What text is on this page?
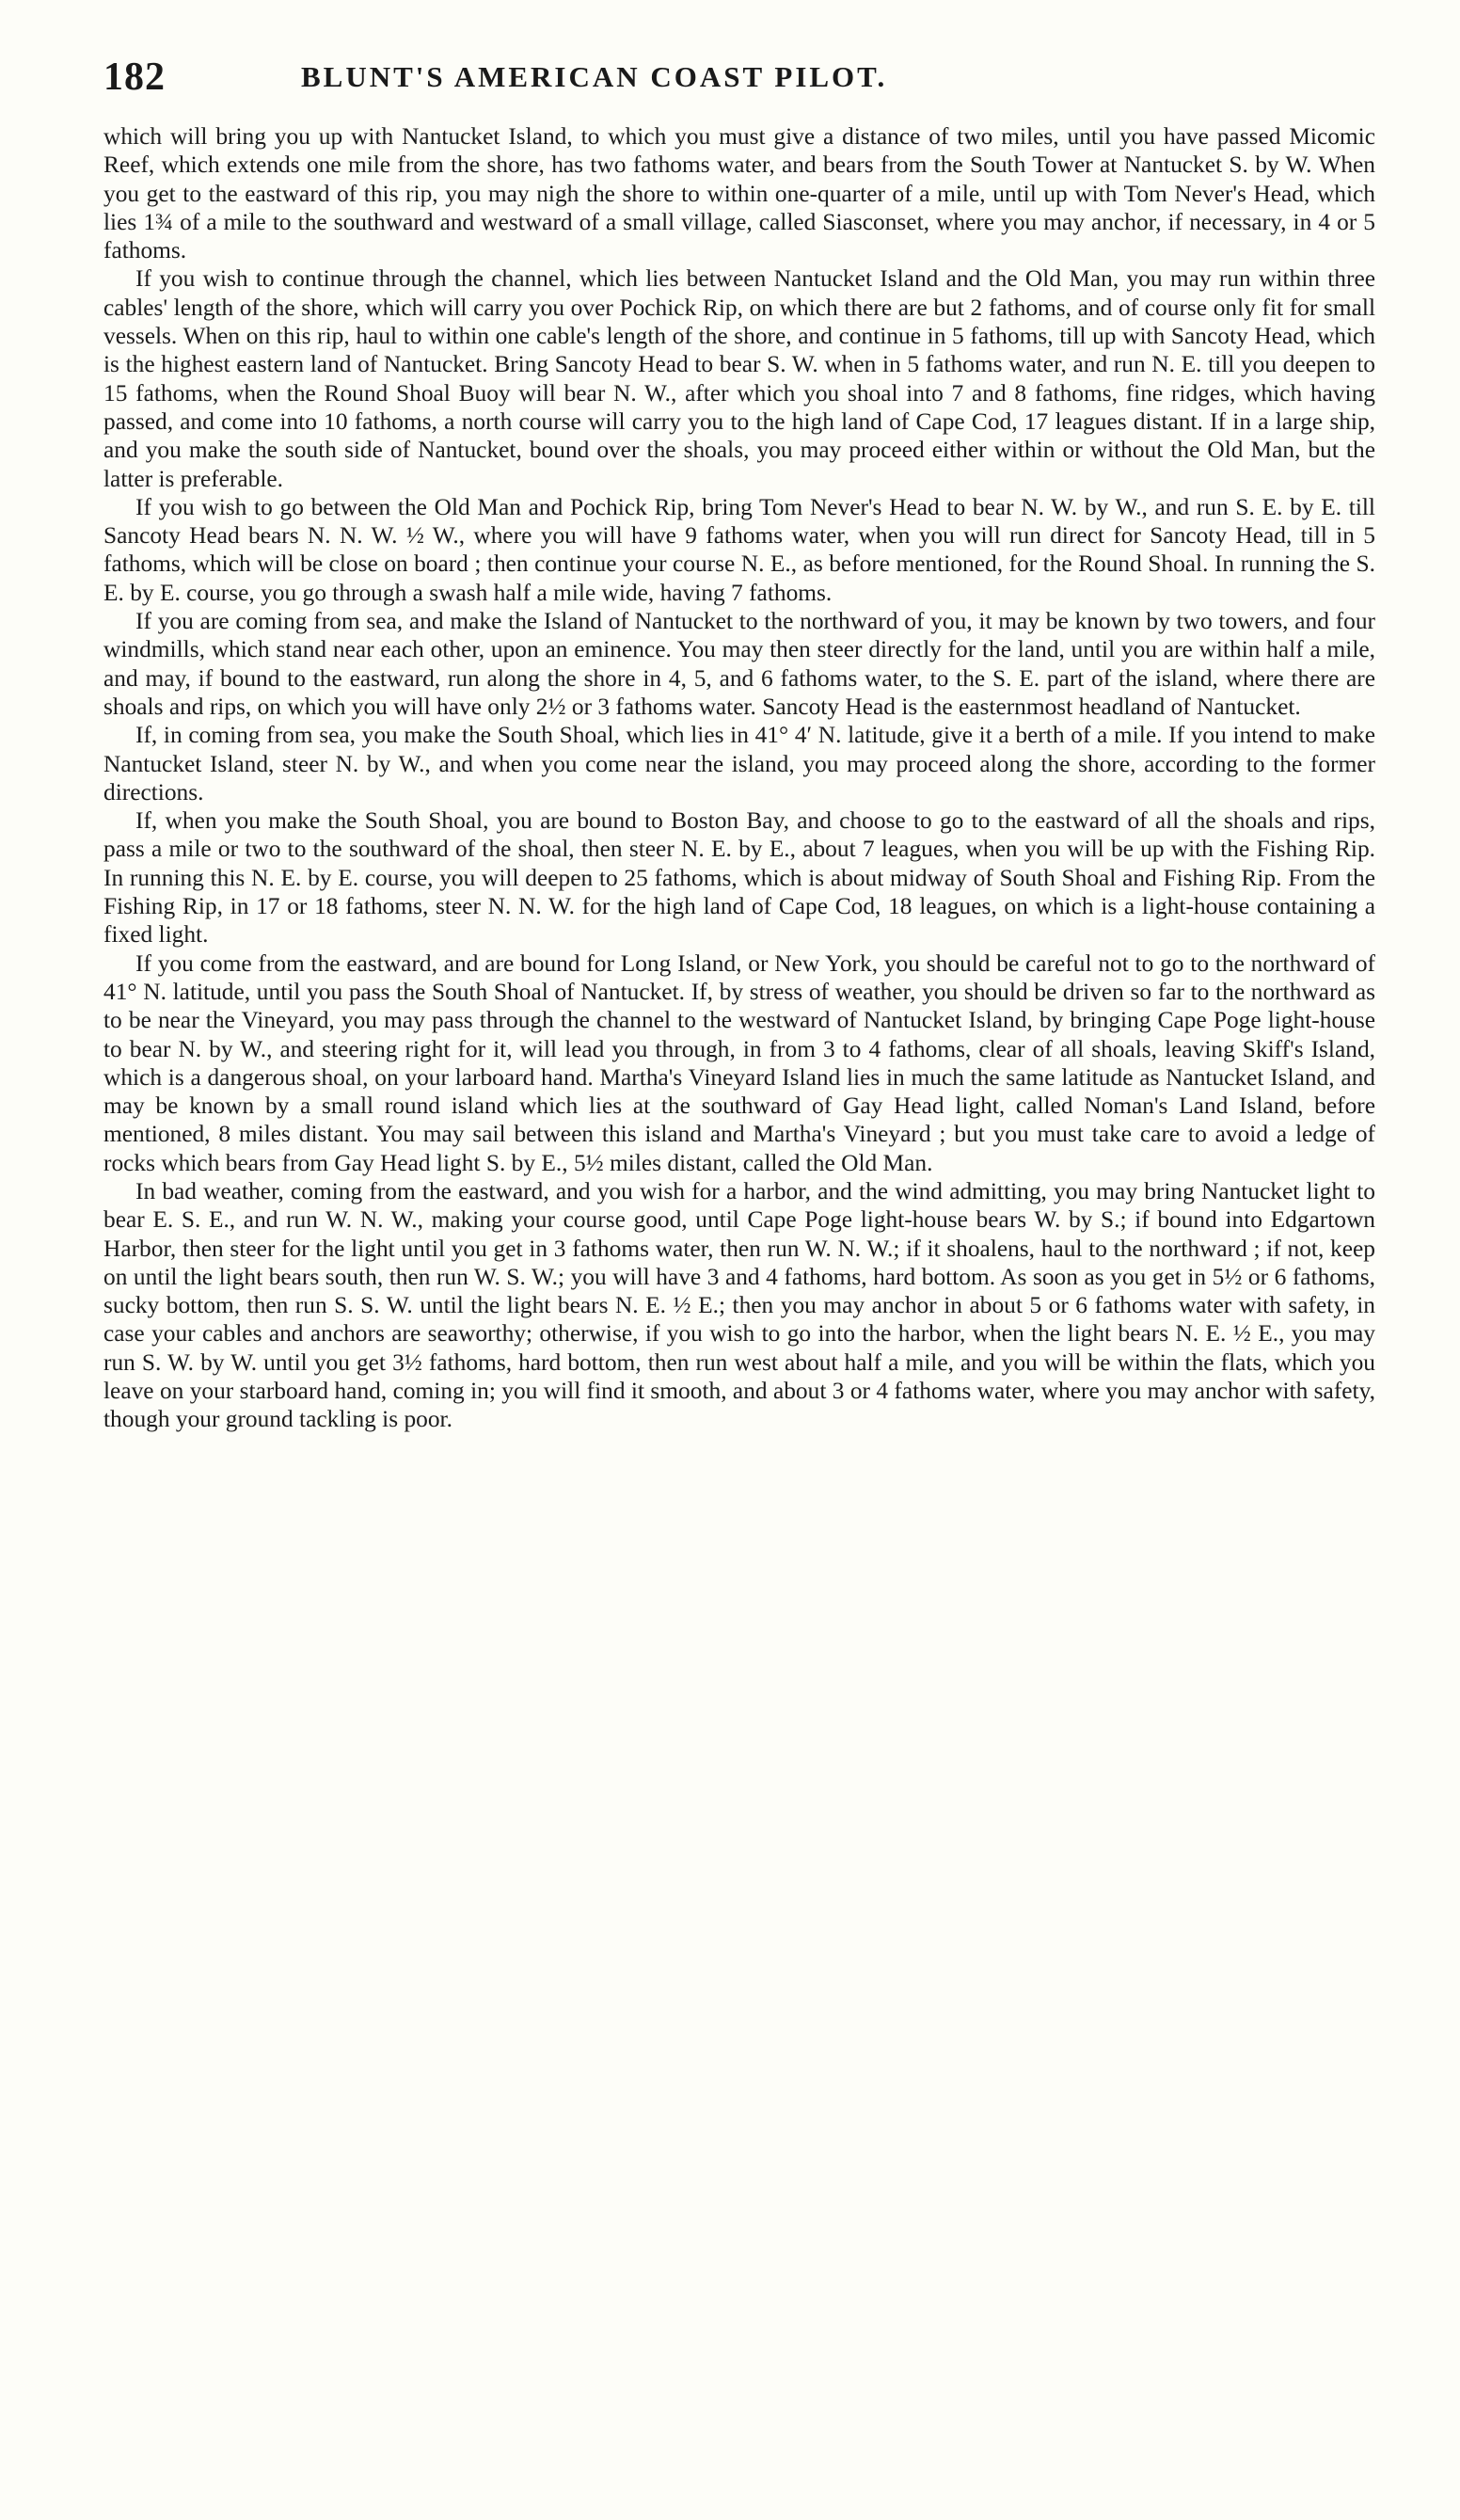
182	BLUNT'S AMERICAN COAST PILOT.

which will bring you up with Nantucket Island, to which you must give a distance of two miles, until you have passed Micomic Reef, which extends one mile from the shore, has two fathoms water, and bears from the South Tower at Nantucket S. by W. When you get to the eastward of this rip, you may nigh the shore to within one-quarter of a mile, until up with Tom Never's Head, which lies 1¾ of a mile to the southward and westward of a small village, called Siasconset, where you may anchor, if necessary, in 4 or 5 fathoms.

If you wish to continue through the channel, which lies between Nantucket Island and the Old Man, you may run within three cables' length of the shore, which will carry you over Pochick Rip, on which there are but 2 fathoms, and of course only fit for small vessels. When on this rip, haul to within one cable's length of the shore, and continue in 5 fathoms, till up with Sancoty Head, which is the highest eastern land of Nantucket. Bring Sancoty Head to bear S. W. when in 5 fathoms water, and run N. E. till you deepen to 15 fathoms, when the Round Shoal Buoy will bear N. W., after which you shoal into 7 and 8 fathoms, fine ridges, which having passed, and come into 10 fathoms, a north course will carry you to the high land of Cape Cod, 17 leagues distant. If in a large ship, and you make the south side of Nantucket, bound over the shoals, you may proceed either within or without the Old Man, but the latter is preferable.

If you wish to go between the Old Man and Pochick Rip, bring Tom Never's Head to bear N. W. by W., and run S. E. by E. till Sancoty Head bears N. N. W. ½ W., where you will have 9 fathoms water, when you will run direct for Sancoty Head, till in 5 fathoms, which will be close on board ; then continue your course N. E., as before mentioned, for the Round Shoal. In running the S. E. by E. course, you go through a swash half a mile wide, having 7 fathoms.

If you are coming from sea, and make the Island of Nantucket to the northward of you, it may be known by two towers, and four windmills, which stand near each other, upon an eminence. You may then steer directly for the land, until you are within half a mile, and may, if bound to the eastward, run along the shore in 4, 5, and 6 fathoms water, to the S. E. part of the island, where there are shoals and rips, on which you will have only 2½ or 3 fathoms water. Sancoty Head is the easternmost headland of Nantucket.

If, in coming from sea, you make the South Shoal, which lies in 41° 4′ N. latitude, give it a berth of a mile. If you intend to make Nantucket Island, steer N. by W., and when you come near the island, you may proceed along the shore, according to the former directions.

If, when you make the South Shoal, you are bound to Boston Bay, and choose to go to the eastward of all the shoals and rips, pass a mile or two to the southward of the shoal, then steer N. E. by E., about 7 leagues, when you will be up with the Fishing Rip. In running this N. E. by E. course, you will deepen to 25 fathoms, which is about midway of South Shoal and Fishing Rip. From the Fishing Rip, in 17 or 18 fathoms, steer N. N. W. for the high land of Cape Cod, 18 leagues, on which is a light-house containing a fixed light.

If you come from the eastward, and are bound for Long Island, or New York, you should be careful not to go to the northward of 41° N. latitude, until you pass the South Shoal of Nantucket. If, by stress of weather, you should be driven so far to the northward as to be near the Vineyard, you may pass through the channel to the westward of Nantucket Island, by bringing Cape Poge light-house to bear N. by W., and steering right for it, will lead you through, in from 3 to 4 fathoms, clear of all shoals, leaving Skiff's Island, which is a dangerous shoal, on your larboard hand. Martha's Vineyard Island lies in much the same latitude as Nantucket Island, and may be known by a small round island which lies at the southward of Gay Head light, called Noman's Land Island, before mentioned, 8 miles distant. You may sail between this island and Martha's Vineyard ; but you must take care to avoid a ledge of rocks which bears from Gay Head light S. by E., 5½ miles distant, called the Old Man.

In bad weather, coming from the eastward, and you wish for a harbor, and the wind admitting, you may bring Nantucket light to bear E. S. E., and run W. N. W., making your course good, until Cape Poge light-house bears W. by S.; if bound into Edgartown Harbor, then steer for the light until you get in 3 fathoms water, then run W. N. W.; if it shoalens, haul to the northward ; if not, keep on until the light bears south, then run W. S. W.; you will have 3 and 4 fathoms, hard bottom. As soon as you get in 5½ or 6 fathoms, sucky bottom, then run S. S. W. until the light bears N. E. ½ E.; then you may anchor in about 5 or 6 fathoms water with safety, in case your cables and anchors are seaworthy; otherwise, if you wish to go into the harbor, when the light bears N. E. ½ E., you may run S. W. by W. until you get 3½ fathoms, hard bottom, then run west about half a mile, and you will be within the flats, which you leave on your starboard hand, coming in; you will find it smooth, and about 3 or 4 fathoms water, where you may anchor with safety, though your ground tackling is poor.
